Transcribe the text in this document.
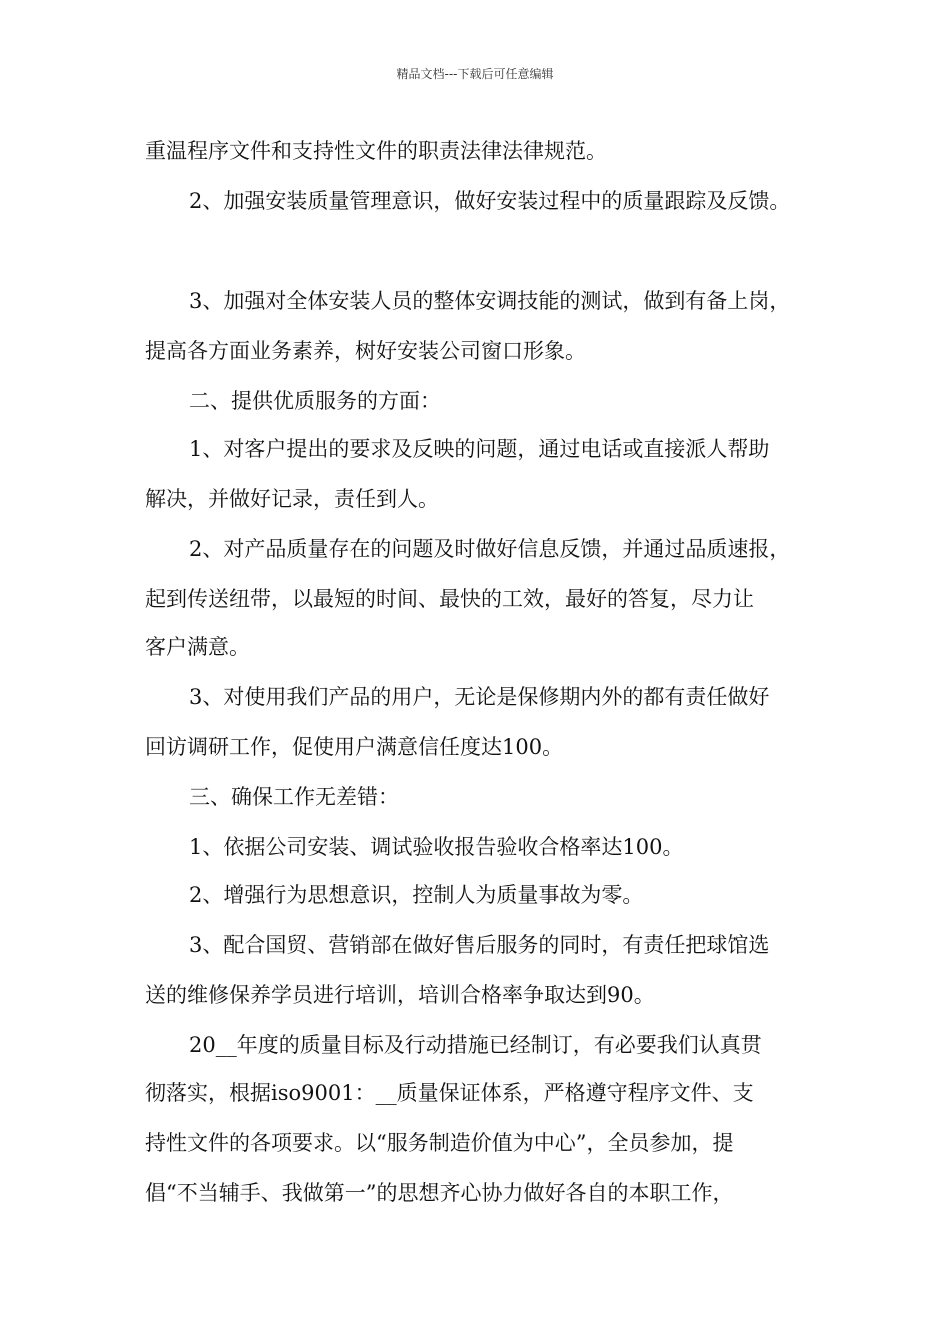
精品文档---下载后可任意编辑
重温程序文件和支持性文件的职责法律法律规范。
2、加强安装质量管理意识，做好安装过程中的质量跟踪及反馈。
3、加强对全体安装人员的整体安调技能的测试，做到有备上岗，
提高各方面业务素养，树好安装公司窗口形象。
二、提供优质服务的方面：
1、对客户提出的要求及反映的问题，通过电话或直接派人帮助
解决，并做好记录，责任到人。
2、对产品质量存在的问题及时做好信息反馈，并通过品质速报，
起到传送纽带，以最短的时间、最快的工效，最好的答复，尽力让
客户满意。
3、对使用我们产品的用户，无论是保修期内外的都有责任做好
回访调研工作，促使用户满意信任度达100。
三、确保工作无差错：
1、依据公司安装、调试验收报告验收合格率达100。
2、增强行为思想意识，控制人为质量事故为零。
3、配合国贸、营销部在做好售后服务的同时，有责任把球馆选
送的维修保养学员进行培训，培训合格率争取达到90。
20__年度的质量目标及行动措施已经制订，有必要我们认真贯
彻落实，根据iso9001：__质量保证体系，严格遵守程序文件、支
持性文件的各项要求。以“服务制造价值为中心”，全员参加，提
倡“不当辅手、我做第一”的思想齐心协力做好各自的本职工作，
